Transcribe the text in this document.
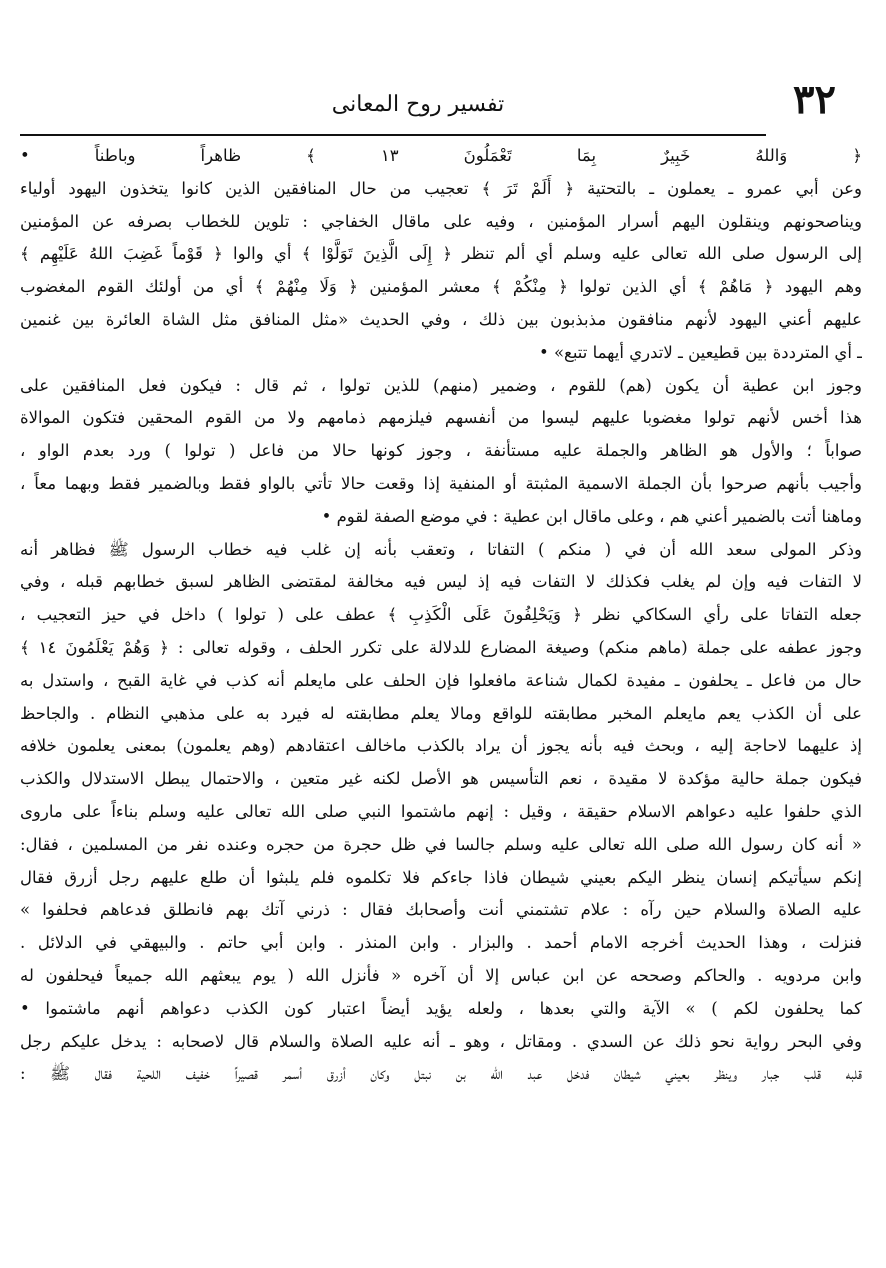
٣٢
تفسير روح المعانى
﴿ وَاللهُ خَبِيرٌ بِمَا تَعْمَلُونَ ١٣ ﴾ ظاهراً وباطناً •
وعن أبي عمرو ـ يعملون ـ بالتحتية ﴿ أَلَمْ تَرَ ﴾ تعجيب من حال المنافقين الذين كانوا يتخذون اليهود أولياء
ويناصحونهم وينقلون اليهم أسرار المؤمنين ، وفيه على ماقال الخفاجي : تلوين للخطاب بصرفه عن المؤمنين
إلى الرسول صلى الله تعالى عليه وسلم أي ألم تنظر ﴿ إِلَى الَّذِينَ تَوَلَّوْا ﴾ أي والوا ﴿ قَوْماً غَضِبَ اللهُ عَلَيْهِم ﴾
وهم اليهود ﴿ مَاهُمْ ﴾ أي الذين تولوا ﴿ مِنْكُمْ ﴾ معشر المؤمنين ﴿ وَلَا مِنْهُمْ ﴾ أي من أولئك القوم المغضوب
عليهم أعني اليهود لأنهم منافقون مذبذبون بين ذلك ، وفي الحديث «مثل المنافق مثل الشاة العائرة بين غنمين
ـ أي المترددة بين قطيعين ـ لاتدري أيهما تتبع» •
وجوز ابن عطية أن يكون (هم) للقوم ، وضمير (منهم) للذين تولوا ، ثم قال : فيكون فعل المنافقين على
هذا أخس لأنهم تولوا مغضوبا عليهم ليسوا من أنفسهم فيلزمهم ذمامهم ولا من القوم المحقين فتكون الموالاة
صواباً ؛ والأول هو الظاهر والجملة عليه مستأنفة ، وجوز كونها حالا من فاعل ( تولوا ) ورد بعدم الواو ،
وأجيب بأنهم صرحوا بأن الجملة الاسمية المثبتة أو المنفية إذا وقعت حالا تأتي بالواو فقط وبالضمير فقط وبهما معاً ،
وماهنا أتت بالضمير أعني هم ، وعلى ماقال ابن عطية : في موضع الصفة لقوم •
وذكر المولى سعد الله أن في ( منكم ) التفاتا ، وتعقب بأنه إن غلب فيه خطاب الرسول ﷺ فظاهر أنه
لا التفات فيه وإن لم يغلب فكذلك لا التفات فيه إذ ليس فيه مخالفة لمقتضى الظاهر لسبق خطابهم قبله ، وفي
جعله التفاتا على رأي السكاكي نظر ﴿ وَيَحْلِفُونَ عَلَى الْكَذِبِ ﴾ عطف على ( تولوا ) داخل في حيز التعجيب ،
وجوز عطفه على جملة (ماهم منكم) وصيغة المضارع للدلالة على تكرر الحلف ، وقوله تعالى : ﴿ وَهُمْ يَعْلَمُونَ ١٤ ﴾
حال من فاعل ـ يحلفون ـ مفيدة لكمال شناعة مافعلوا فإن الحلف على مايعلم أنه كذب في غاية القبح ، واستدل به
على أن الكذب يعم مايعلم المخبر مطابقته للواقع ومالا يعلم مطابقته له فيرد به على مذهبي النظام . والجاحظ
إذ عليهما لاحاجة إليه ، وبحث فيه بأنه يجوز أن يراد بالكذب ماخالف اعتقادهم (وهم يعلمون) بمعنى يعلمون خلافه
فيكون جملة حالية مؤكدة لا مقيدة ، نعم التأسيس هو الأصل لكنه غير متعين ، والاحتمال يبطل الاستدلال والكذب
الذي حلفوا عليه دعواهم الاسلام حقيقة ، وقيل : إنهم ماشتموا النبي صلى الله تعالى عليه وسلم بناءاً على ماروى
« أنه كان رسول الله صلى الله تعالى عليه وسلم جالسا في ظل حجرة من حجره وعنده نفر من المسلمين ، فقال:
إنكم سيأتيكم إنسان ينظر اليكم بعيني شيطان فاذا جاءكم فلا تكلموه فلم يلبثوا أن طلع عليهم رجل أزرق فقال
عليه الصلاة والسلام حين رآه : علام تشتمني أنت وأصحابك فقال : ذرني آتك بهم فانطلق فدعاهم فحلفوا »
فنزلت ، وهذا الحديث أخرجه الامام أحمد . والبزار . وابن المنذر . وابن أبي حاتم . والبيهقي في الدلائل .
وابن مردويه . والحاكم وصححه عن ابن عباس إلا أن آخره « فأنزل الله ( يوم يبعثهم الله جميعاً فيحلفون له
كما يحلفون لكم ) » الآية والتي بعدها ، ولعله يؤيد أيضاً اعتبار كون الكذب دعواهم أنهم ماشتموا •
وفي البحر رواية نحو ذلك عن السدي . ومقاتل ، وهو ـ أنه عليه الصلاة والسلام قال لاصحابه : يدخل عليكم رجل
قلبه قلب جبار وينظر بعيني شيطان فدخل عبد الله بن نبتل وكان أزرق أسمر قصيراً خفيف اللحية فقال ﷺ :
